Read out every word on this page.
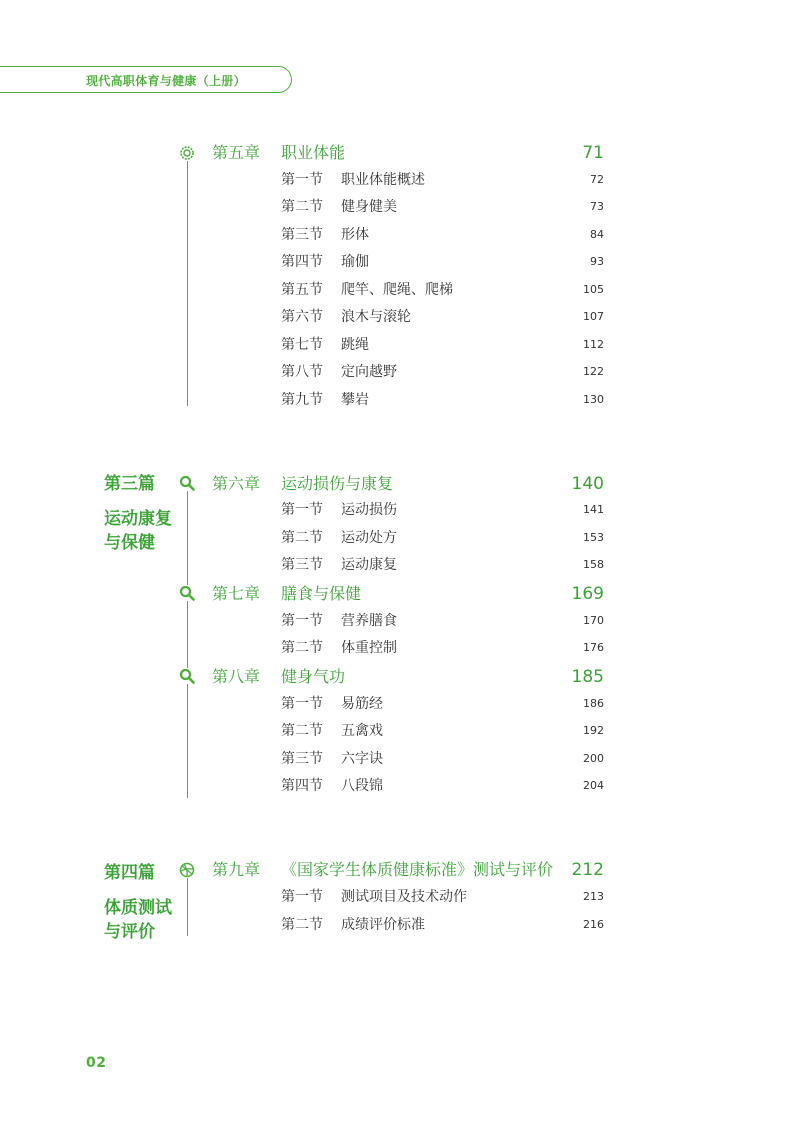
现代高职体育与健康（上册）
第三篇
运动康复
与保健
第四篇
体质测试
与评价
第五章 职业体能	71
第一节 职业体能概述	72
第二节 健身健美	73
第三节 形体	84
第四节 瑜伽	93
第五节 爬竿、爬绳、爬梯	105
第六节 浪木与滚轮	107
第七节 跳绳	112
第八节 定向越野	122
第九节 攀岩	130
第六章 运动损伤与康复	140
第一节 运动损伤	141
第二节 运动处方	153
第三节 运动康复	158
第七章 膳食与保健	169
第一节 营养膳食	170
第二节 体重控制	176
第八章 健身气功	185
第一节 易筋经	186
第二节 五禽戏	192
第三节 六字诀	200
第四节 八段锦	204
第九章 《国家学生体质健康标准》测试与评价 212
第一节 测试项目及技术动作	213
第二节 成绩评价标准	216
02
